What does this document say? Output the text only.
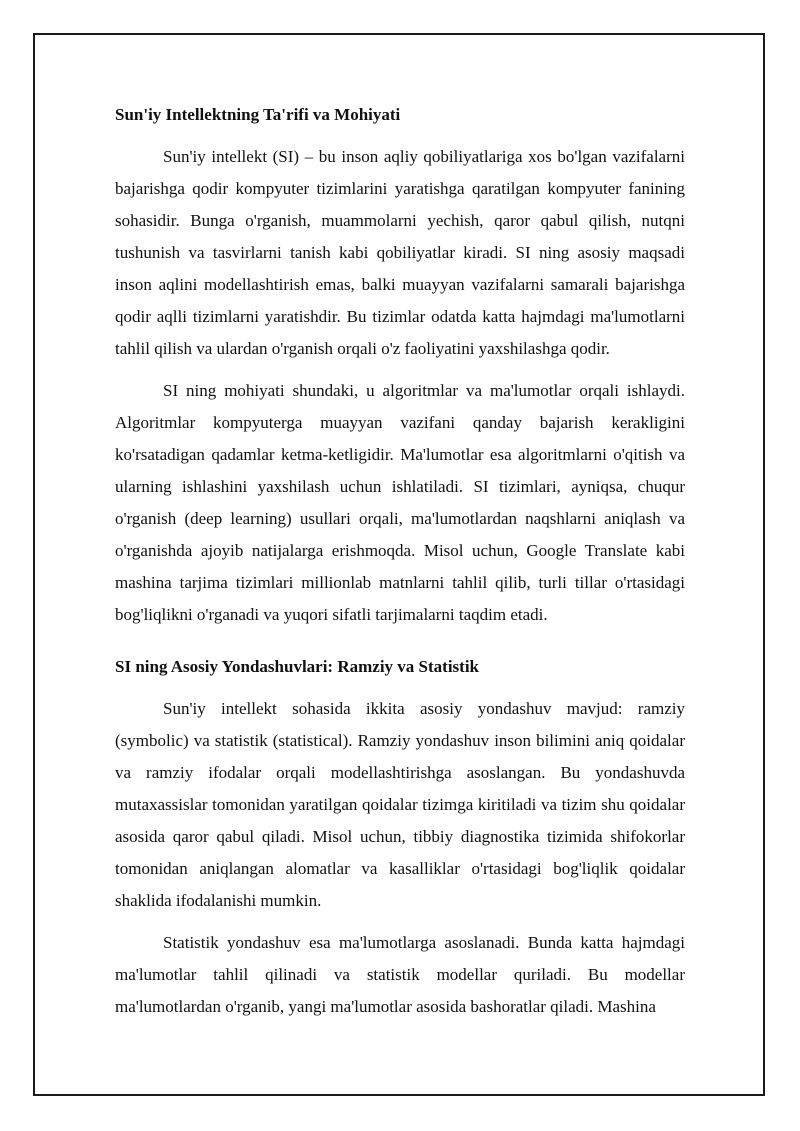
Sun'iy Intellektning Ta'rifi va Mohiyati

Sun'iy intellekt (SI) – bu inson aqliy qobiliyatlariga xos bo'lgan vazifalarni bajarishga qodir kompyuter tizimlarini yaratishga qaratilgan kompyuter fanining sohasidir. Bunga o'rganish, muammolarni yechish, qaror qabul qilish, nutqni tushunish va tasvirlarni tanish kabi qobiliyatlar kiradi. SI ning asosiy maqsadi inson aqlini modellashtirish emas, balki muayyan vazifalarni samarali bajarishga qodir aqlli tizimlarni yaratishdir. Bu tizimlar odatda katta hajmdagi ma'lumotlarni tahlil qilish va ulardan o'rganish orqali o'z faoliyatini yaxshilashga qodir.

SI ning mohiyati shundaki, u algoritmlar va ma'lumotlar orqali ishlaydi. Algoritmlar kompyuterga muayyan vazifani qanday bajarish kerakligini ko'rsatadigan qadamlar ketma-ketligidir. Ma'lumotlar esa algoritmlarni o'qitish va ularning ishlashini yaxshilash uchun ishlatiladi. SI tizimlari, ayniqsa, chuqur o'rganish (deep learning) usullari orqali, ma'lumotlardan naqshlarni aniqlash va o'rganishda ajoyib natijalarga erishmoqda. Misol uchun, Google Translate kabi mashina tarjima tizimlari millionlab matnlarni tahlil qilib, turli tillar o'rtasidagi bog'liqlikni o'rganadi va yuqori sifatli tarjimalarni taqdim etadi.

SI ning Asosiy Yondashuvlari: Ramziy va Statistik

Sun'iy intellekt sohasida ikkita asosiy yondashuv mavjud: ramziy (symbolic) va statistik (statistical). Ramziy yondashuv inson bilimini aniq qoidalar va ramziy ifodalar orqali modellashtirishga asoslangan. Bu yondashuvda mutaxassislar tomonidan yaratilgan qoidalar tizimga kiritiladi va tizim shu qoidalar asosida qaror qabul qiladi. Misol uchun, tibbiy diagnostika tizimida shifokorlar tomonidan aniqlangan alomatlar va kasalliklar o'rtasidagi bog'liqlik qoidalar shaklida ifodalanishi mumkin.

Statistik yondashuv esa ma'lumotlarga asoslanadi. Bunda katta hajmdagi ma'lumotlar tahlil qilinadi va statistik modellar quriladi. Bu modellar ma'lumotlardan o'rganib, yangi ma'lumotlar asosida bashoratlar qiladi. Mashina
